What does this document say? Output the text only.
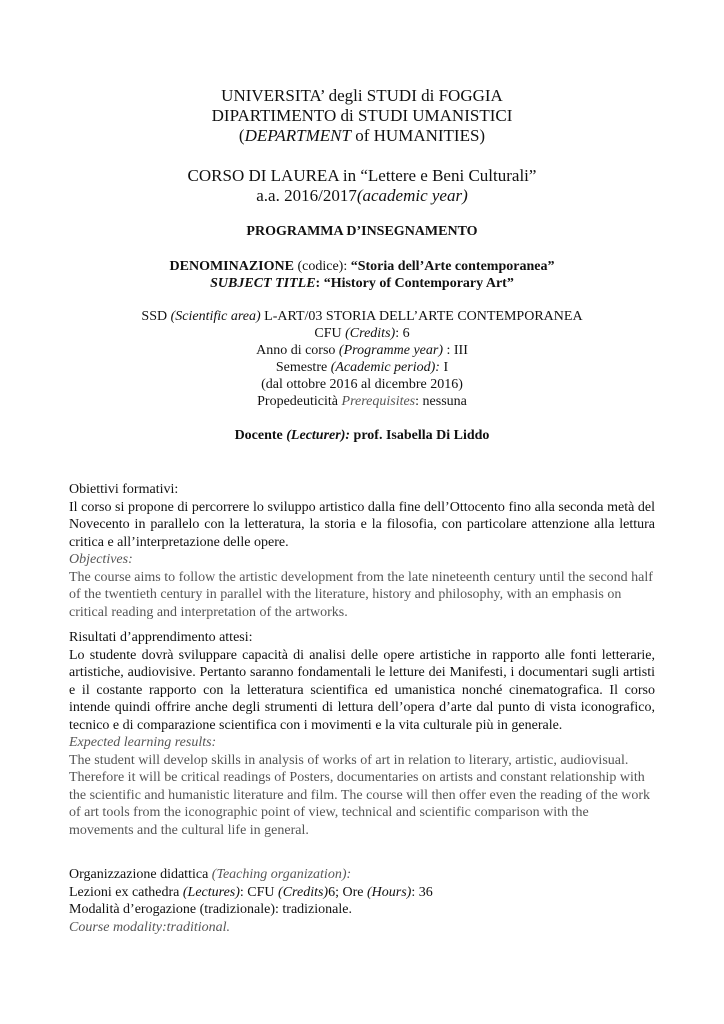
UNIVERSITA’ degli STUDI di FOGGIA
DIPARTIMENTO di STUDI UMANISTICI
(DEPARTMENT of HUMANITIES)
CORSO DI LAUREA in “Lettere e Beni Culturali”
a.a. 2016/2017(academic year)
PROGRAMMA D’INSEGNAMENTO
DENOMINAZIONE (codice): “Storia dell’Arte contemporanea”
SUBJECT TITLE: “History of Contemporary Art”
SSD (Scientific area) L-ART/03 STORIA DELL’ARTE CONTEMPORANEA
CFU (Credits): 6
Anno di corso (Programme year) : III
Semestre (Academic period): I
(dal ottobre 2016 al dicembre 2016)
Propedeuticità Prerequisites: nessuna
Docente (Lecturer): prof. Isabella Di Liddo

Obiettivi formativi:

Il corso si propone di percorrere lo sviluppo artistico dalla fine dell’Ottocento fino alla seconda metà del Novecento in parallelo con la letteratura, la storia e la filosofia, con particolare attenzione alla lettura critica e all’interpretazione delle opere.

Objectives:

The course aims to follow the artistic development from the late nineteenth century until the second half of the twentieth century in parallel with the literature, history and philosophy, with an emphasis on critical reading and interpretation of the artworks.

Risultati d’apprendimento attesi:

Lo studente dovrà sviluppare capacità di analisi delle opere artistiche in rapporto alle fonti letterarie, artistiche, audiovisive. Pertanto saranno fondamentali le letture dei Manifesti, i documentari sugli artisti e il costante rapporto con la letteratura scientifica ed umanistica nonché cinematografica. Il corso intende quindi offrire anche degli strumenti di lettura dell’opera d’arte dal punto di vista iconografico, tecnico e di comparazione scientifica con i movimenti e la vita culturale più in generale.

Expected learning results:

The student will develop skills in analysis of works of art in relation to literary, artistic, audiovisual. Therefore it will be critical readings of Posters, documentaries on artists and constant relationship with the scientific and humanistic literature and film. The course will then offer even the reading of the work of art tools from the iconographic point of view, technical and scientific comparison with the movements and the cultural life in general.

Organizzazione didattica (Teaching organization):

Lezioni ex cathedra (Lectures): CFU (Credits)6; Ore (Hours): 36

Modalità d’erogazione (tradizionale): tradizionale.

Course modality:traditional.
